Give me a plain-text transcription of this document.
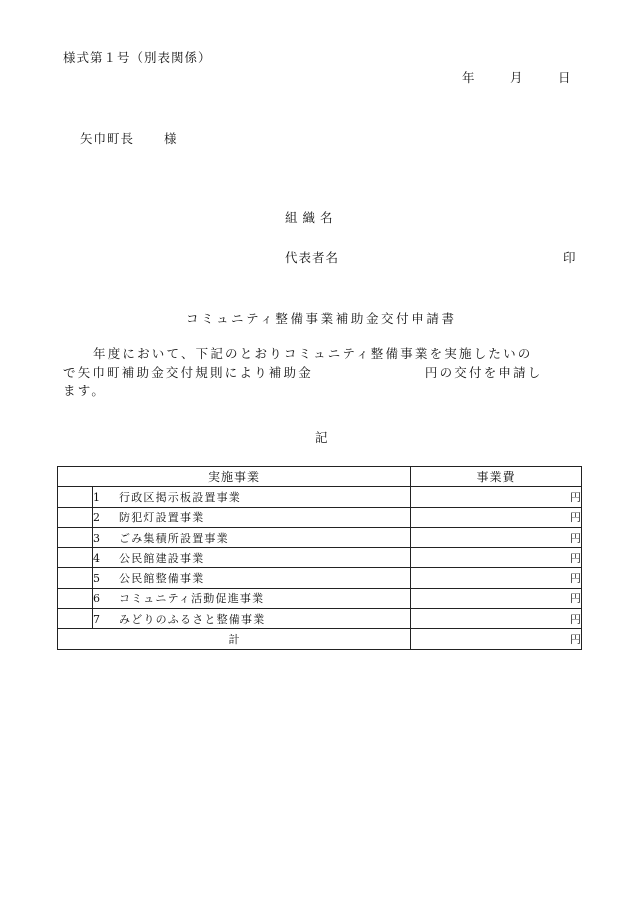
様式第１号（別表関係）
年	月	日
矢巾町長 様
組織名
代表者名	印
コミュニティ整備事業補助金交付申請書
年度において、下記のとおりコミュニティ整備事業を実施したいの
で矢巾町補助金交付規則により補助金	円の交付を申請し
ます。
記
実施事業		事業費
	1 行政区掲示板設置事業	円
	2 防犯灯設置事業	円
	3 ごみ集積所設置事業	円
	4 公民館建設事業	円
	5 公民館整備事業	円
	6 コミュニティ活動促進事業	円
	7 みどりのふるさと整備事業	円
計		円
